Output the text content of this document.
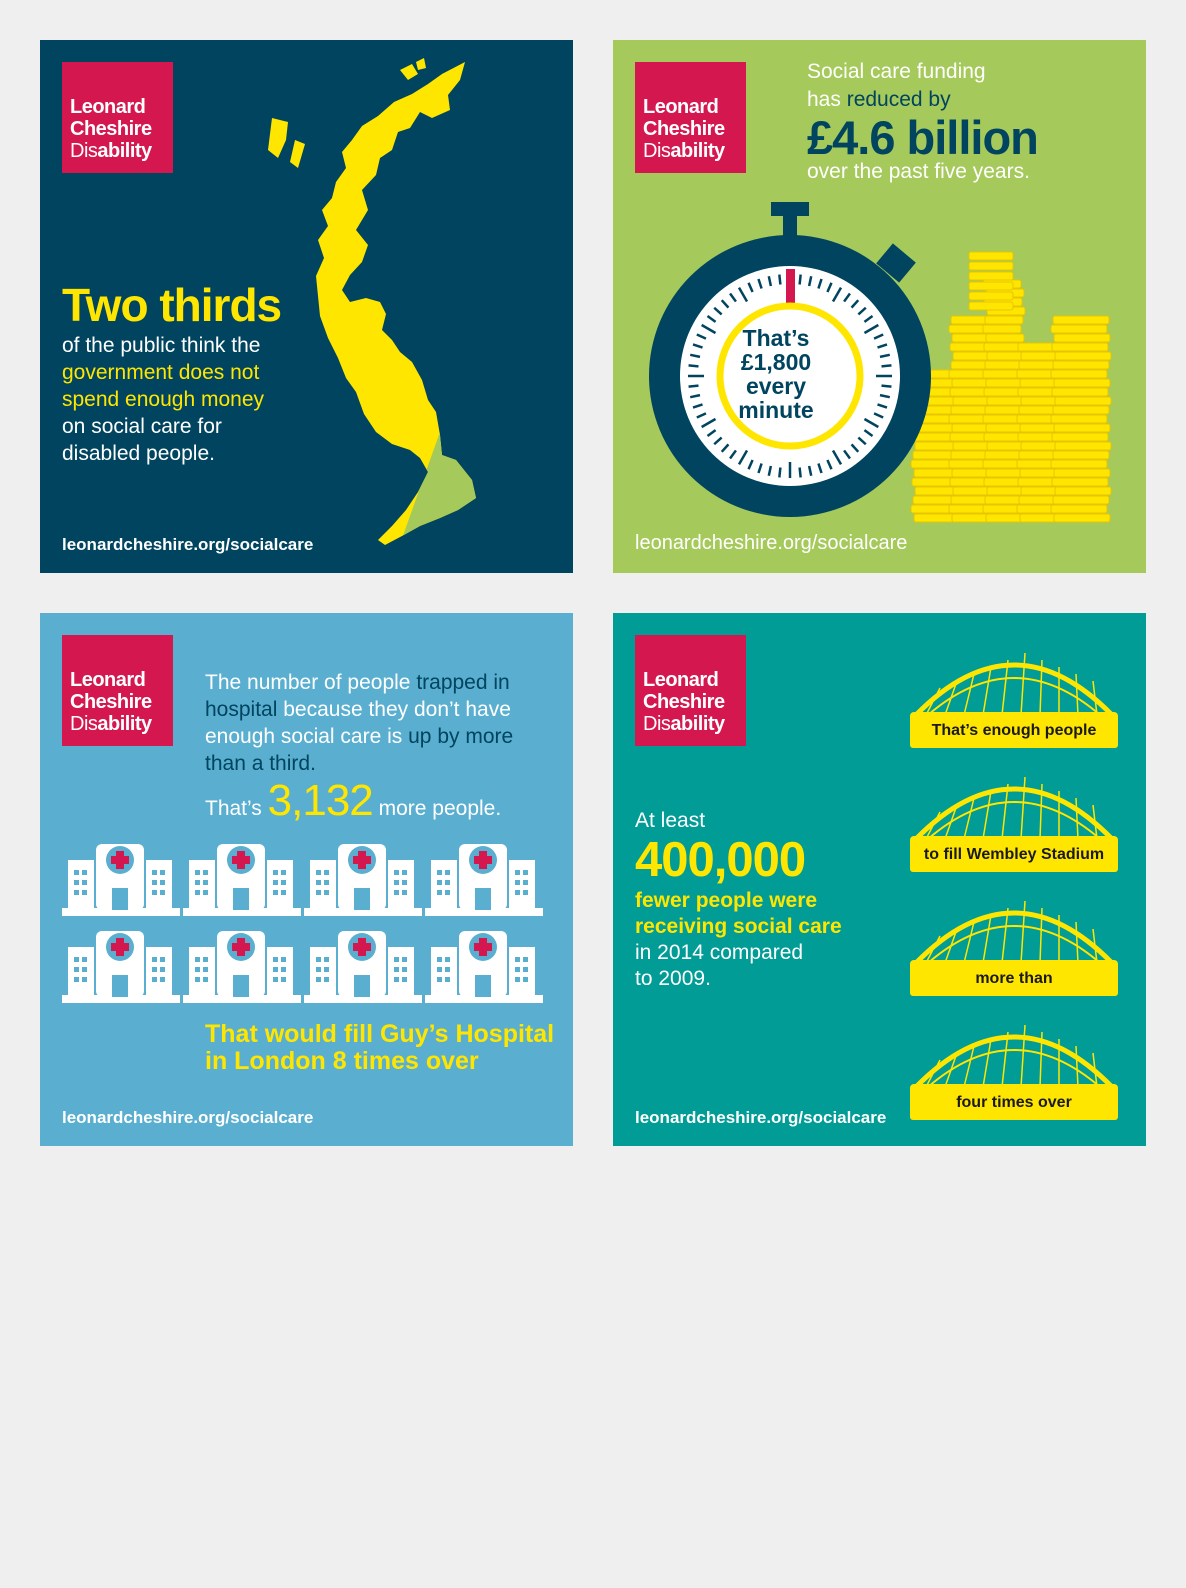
Leonard
Cheshire
Disability
Two thirds
of the public think the
government does not
spend enough money
on social care for
disabled people.
leonardcheshire.org/socialcare
Leonard
Cheshire
Disability
Social care funding
has reduced by
£4.6 billion
over the past five years.
That’s
£1,800
every
minute
leonardcheshire.org/socialcare
Leonard
Cheshire
Disability
The number of people trapped in hospital because they don’t have enough social care is up by more than a third.
That’s 3,132 more people.
That would fill Guy’s Hospital
in London 8 times over
leonardcheshire.org/socialcare
Leonard
Cheshire
Disability
At least
400,000
fewer people were
receiving social care
in 2014 compared
to 2009.
That’s enough people
to fill Wembley Stadium
more than
four times over
leonardcheshire.org/socialcare
